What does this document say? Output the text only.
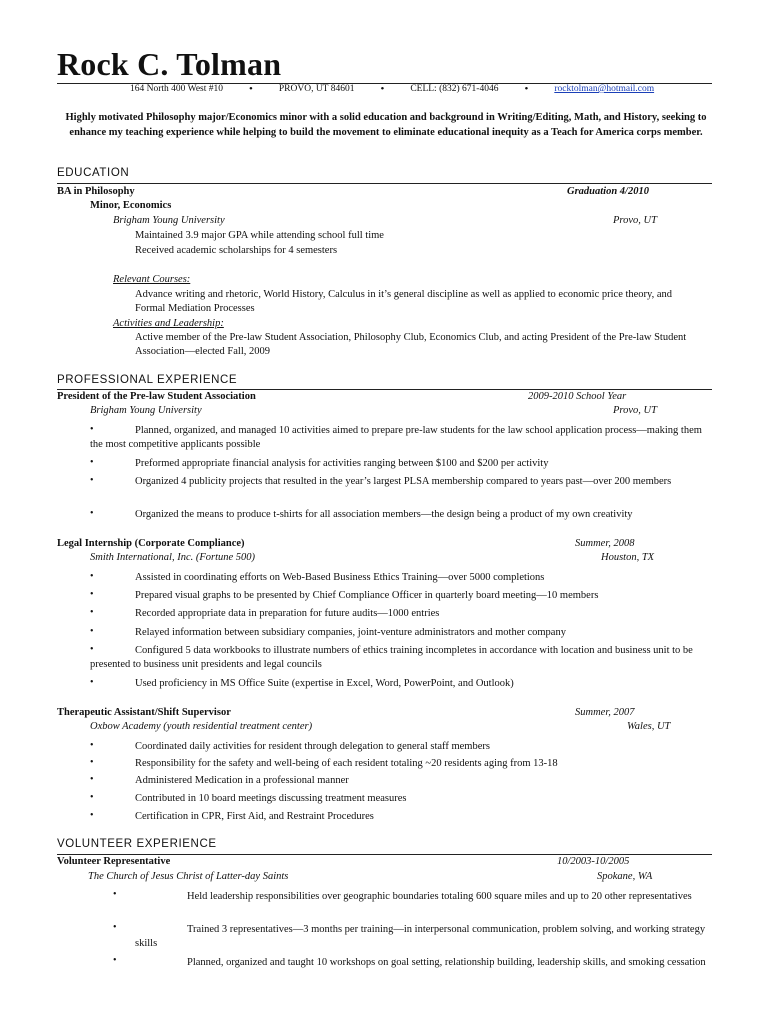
Rock C. Tolman
164 North 400 West #10 •	PROVO, UT 84601 •	CELL: (832) 671-4046 •	rocktolman@hotmail.com
Highly motivated Philosophy major/Economics minor with a solid education and background in Writing/Editing, Math, and History, seeking to enhance my teaching experience while helping to build the movement to eliminate educational inequity as a Teach for America corps member.
EDUCATION
BA in Philosophy	Graduation 4/2010
Minor, Economics
Brigham Young University	Provo, UT
Maintained 3.9 major GPA while attending school full time
Received academic scholarships for 4 semesters
Relevant Courses:
Advance writing and rhetoric, World History, Calculus in it’s general discipline as well as applied to economic price theory, and Formal Mediation Processes
Activities and Leadership:
Active member of the Pre-law Student Association, Philosophy Club, Economics Club, and acting President of the Pre-law Student Association—elected Fall, 2009
PROFESSIONAL EXPERIENCE
President of the Pre-law Student Association	2009-2010 School Year
Brigham Young University	Provo, UT
•	Planned, organized, and managed 10 activities aimed to prepare pre-law students for the law school application process—making them the most competitive applicants possible
•	Preformed appropriate financial analysis for activities ranging between $100 and $200 per activity
•	Organized 4 publicity projects that resulted in the year’s largest PLSA membership compared to years past—over 200 members
•	Organized the means to produce t-shirts for all association members—the design being a product of my own creativity
Legal Internship (Corporate Compliance)	Summer, 2008
Smith International, Inc. (Fortune 500)	Houston, TX
•	Assisted in coordinating efforts on Web-Based Business Ethics Training—over 5000 completions
•	Prepared visual graphs to be presented by Chief Compliance Officer in quarterly board meeting—10 members
•	Recorded appropriate data in preparation for future audits—1000 entries
•	Relayed information between subsidiary companies, joint-venture administrators and mother company
•	Configured 5 data workbooks to illustrate numbers of ethics training incompletes in accordance with location and business unit to be presented to business unit presidents and legal councils
•	Used proficiency in MS Office Suite (expertise in Excel, Word, PowerPoint, and Outlook)
Therapeutic Assistant/Shift Supervisor	Summer, 2007
Oxbow Academy (youth residential treatment center)	Wales, UT
•	Coordinated daily activities for resident through delegation to general staff members
•	Responsibility for the safety and well-being of each resident totaling ~20 residents aging from 13-18
•	Administered Medication in a professional manner
•	Contributed in 10 board meetings discussing treatment measures
•	Certification in CPR, First Aid, and Restraint Procedures
VOLUNTEER EXPERIENCE
Volunteer Representative	10/2003-10/2005
The Church of Jesus Christ of Latter-day Saints	Spokane, WA
•	Held leadership responsibilities over geographic boundaries totaling 600 square miles and up to 20 other representatives
•	Trained 3 representatives—3 months per training—in interpersonal communication, problem solving, and working strategy skills
•	Planned, organized and taught 10 workshops on goal setting, relationship building, leadership skills, and smoking cessation
